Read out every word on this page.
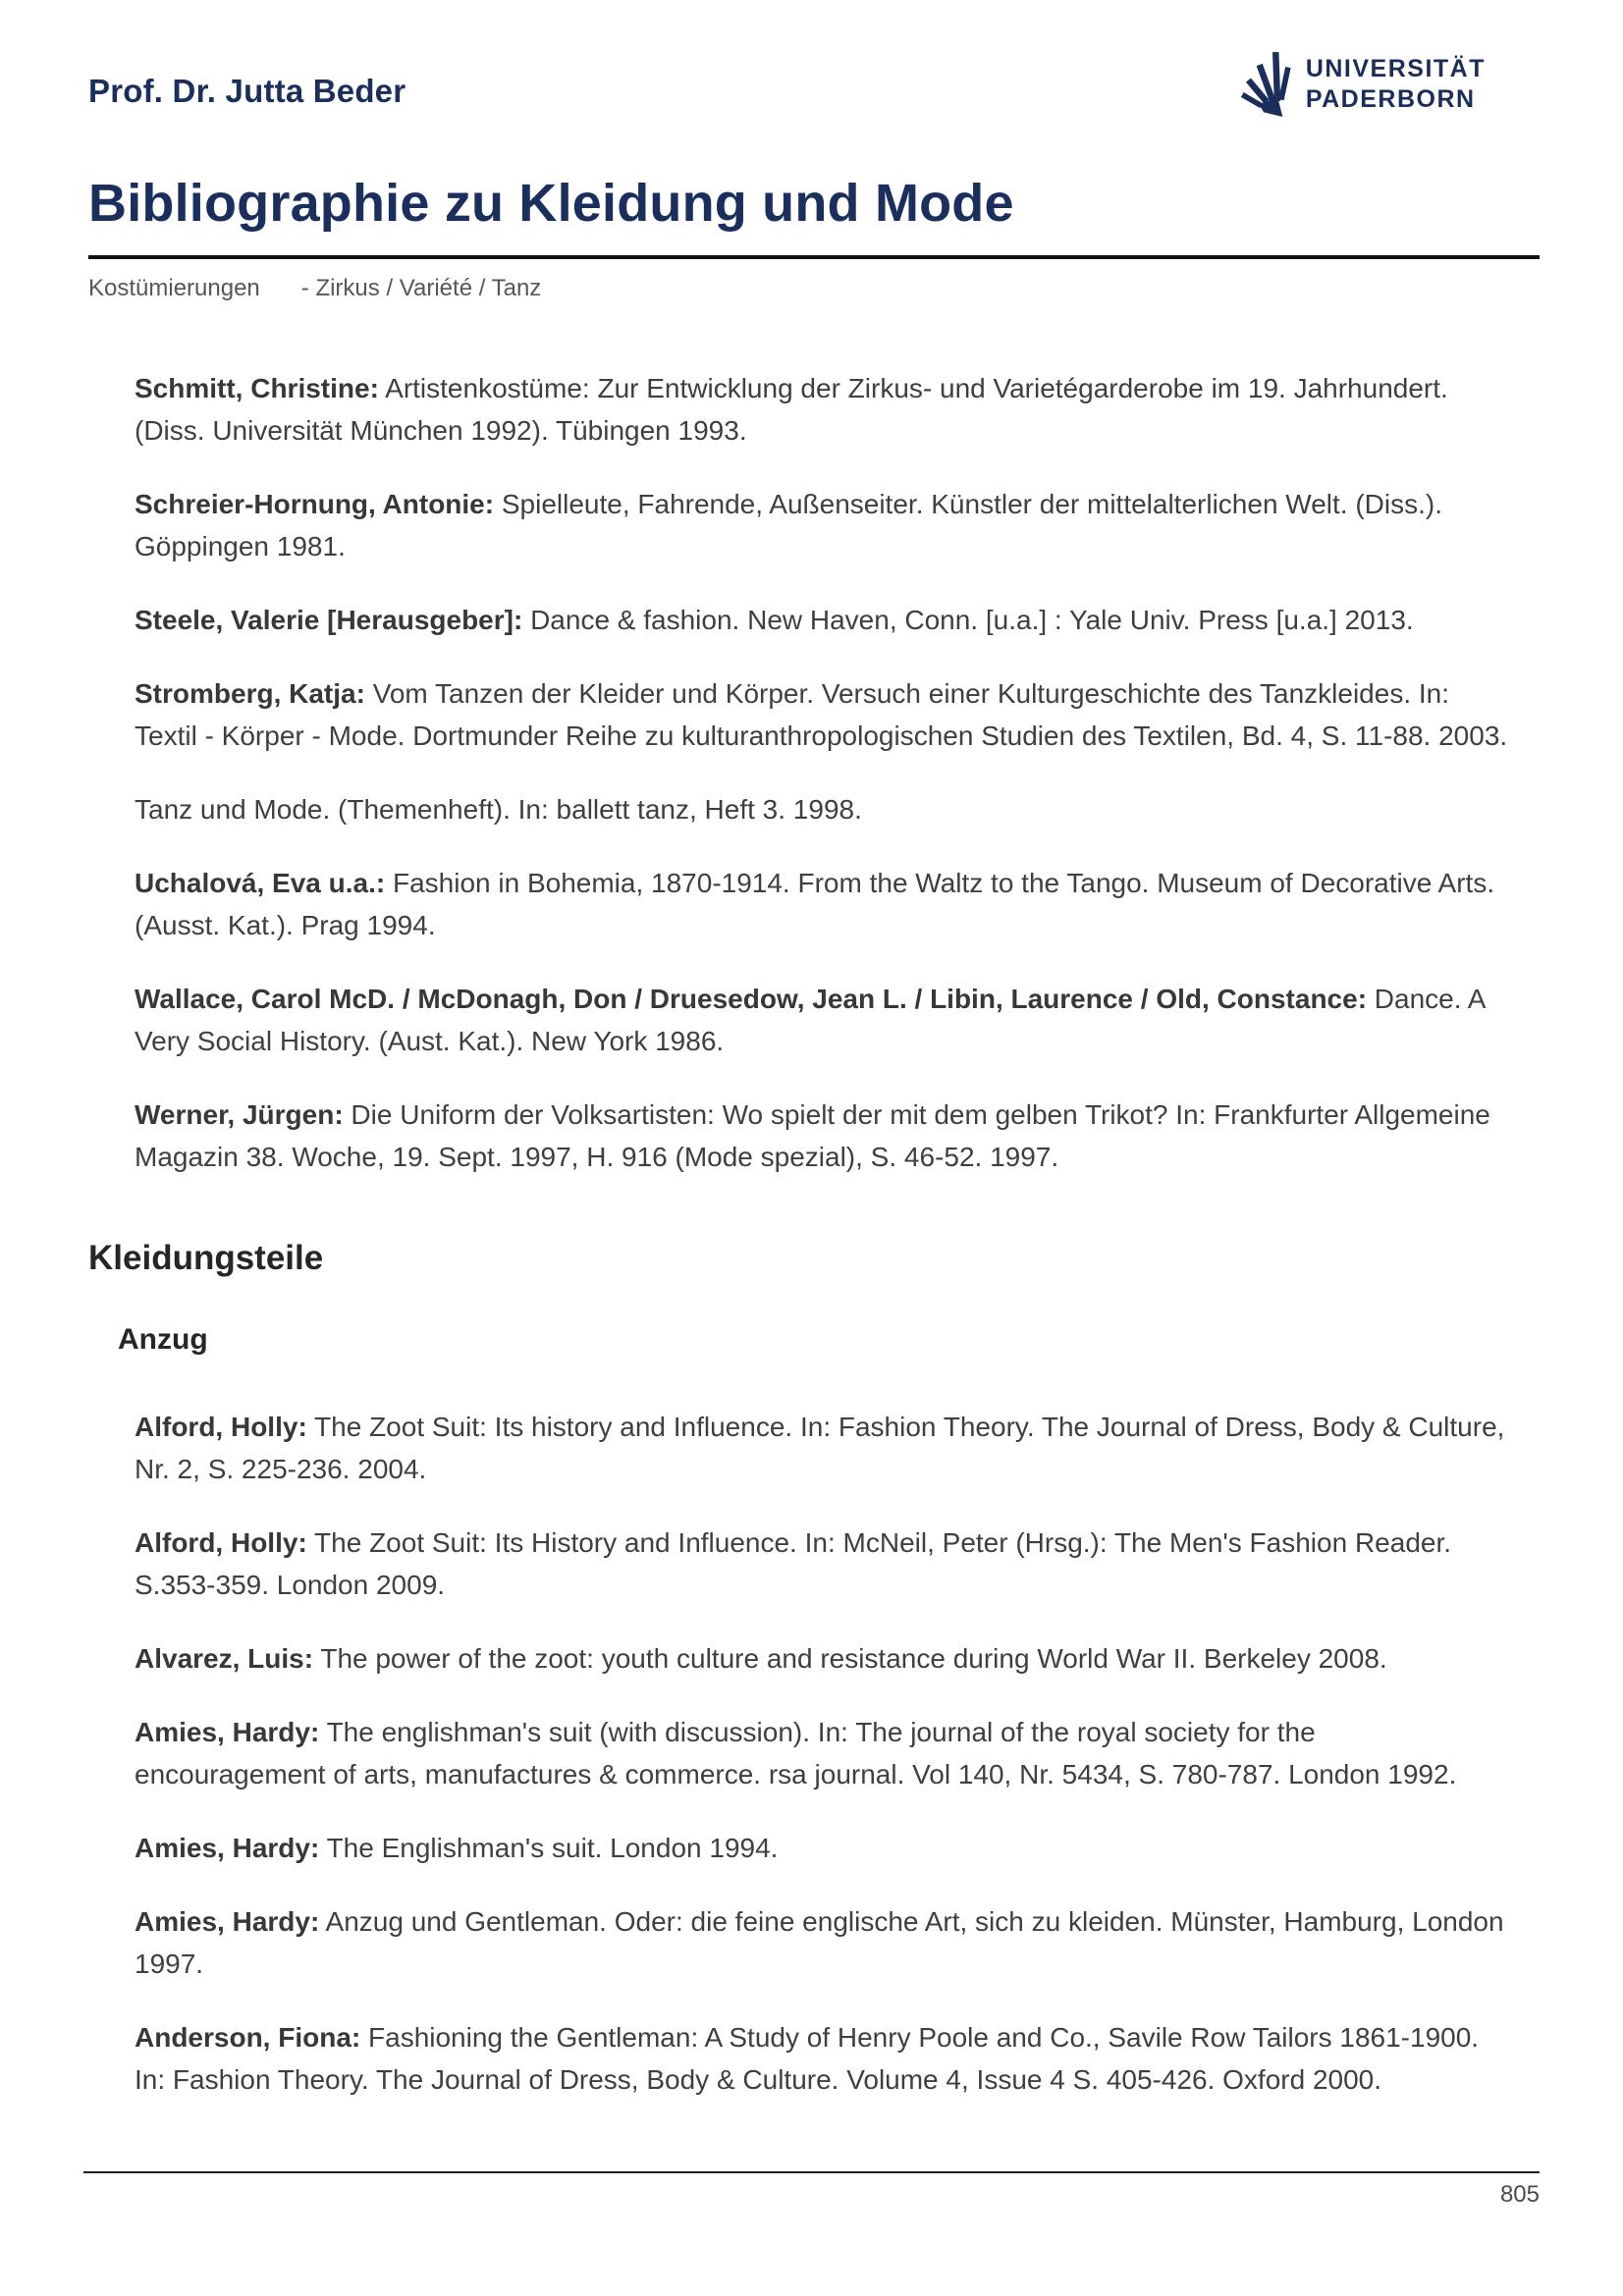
Prof. Dr. Jutta Beder
UNIVERSITÄT
PADERBORN
Bibliographie zu Kleidung und Mode
Kostümierungen - Zirkus / Variété / Tanz

Schmitt, Christine: Artistenkostüme: Zur Entwicklung der Zirkus- und Varietégarderobe im 19. Jahrhundert. (Diss. Universität München 1992). Tübingen 1993.

Schreier-Hornung, Antonie: Spielleute, Fahrende, Außenseiter. Künstler der mittelalterlichen Welt. (Diss.). Göppingen 1981.

Steele, Valerie [Herausgeber]: Dance & fashion. New Haven, Conn. [u.a.] : Yale Univ. Press [u.a.] 2013.

Stromberg, Katja: Vom Tanzen der Kleider und Körper. Versuch einer Kulturgeschichte des Tanzkleides. In: Textil - Körper - Mode. Dortmunder Reihe zu kulturanthropologischen Studien des Textilen, Bd. 4, S. 11-88. 2003.

Tanz und Mode. (Themenheft). In: ballett tanz, Heft 3. 1998.

Uchalová, Eva u.a.: Fashion in Bohemia, 1870-1914. From the Waltz to the Tango. Museum of Decorative Arts. (Ausst. Kat.). Prag 1994.

Wallace, Carol McD. / McDonagh, Don / Druesedow, Jean L. / Libin, Laurence / Old, Constance: Dance. A Very Social History. (Aust. Kat.). New York 1986.

Werner, Jürgen: Die Uniform der Volksartisten: Wo spielt der mit dem gelben Trikot? In: Frankfurter Allgemeine Magazin 38. Woche, 19. Sept. 1997, H. 916 (Mode spezial), S. 46-52. 1997.

Kleidungsteile
Anzug

Alford, Holly: The Zoot Suit: Its history and Influence. In: Fashion Theory. The Journal of Dress, Body & Culture, Nr. 2, S. 225-236. 2004.

Alford, Holly: The Zoot Suit: Its History and Influence. In: McNeil, Peter (Hrsg.): The Men's Fashion Reader. S.353-359. London 2009.

Alvarez, Luis: The power of the zoot: youth culture and resistance during World War II. Berkeley 2008.

Amies, Hardy: The englishman's suit (with discussion). In: The journal of the royal society for the encouragement of arts, manufactures & commerce. rsa journal. Vol 140, Nr. 5434, S. 780-787. London 1992.

Amies, Hardy: The Englishman's suit. London 1994.

Amies, Hardy: Anzug und Gentleman. Oder: die feine englische Art, sich zu kleiden. Münster, Hamburg, London 1997.

Anderson, Fiona: Fashioning the Gentleman: A Study of Henry Poole and Co., Savile Row Tailors 1861-1900. In: Fashion Theory. The Journal of Dress, Body & Culture. Volume 4, Issue 4 S. 405-426. Oxford 2000.

805
